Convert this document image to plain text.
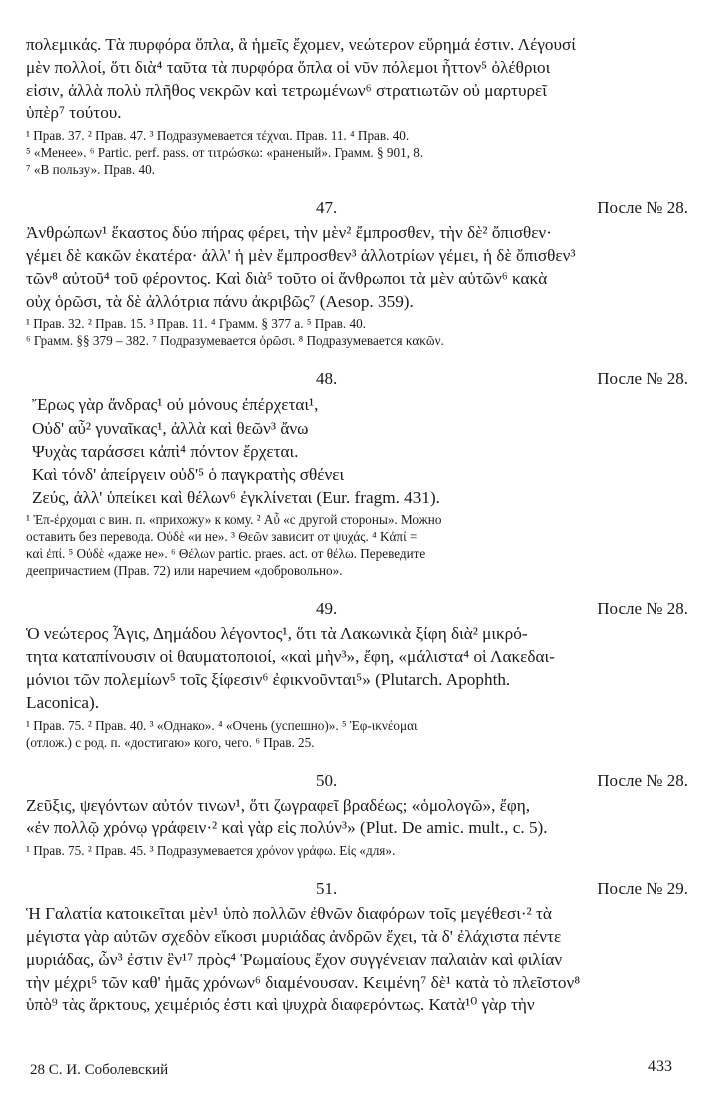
πολεμικάς. Τὰ πυρφόρα ὅπλα, ἃ ἡμεῖς ἔχομεν, νεώτερον εὕρημά ἐστιν. Λέγουσί
μὲν πολλοί, ὅτι διὰ⁴ ταῦτα τὰ πυρφόρα ὅπλα οἱ νῦν πόλεμοι ἧττον⁵ ὀλέθριοι
εἰσιν, ἀλλὰ πολὺ πλῆθος νεκρῶν καὶ τετρωμένων⁶ στρατιωτῶν οὐ μαρτυρεῖ
ὑπὲρ⁷ τούτου.

¹ Прав. 37. ² Прав. 47. ³ Подразумевается τέχναι. Прав. 11. ⁴ Прав. 40.
⁵ «Менее». ⁶ Partic. perf. pass. от τιτρώσκω: «раненый». Грамм. § 901, 8.
⁷ «В пользу». Прав. 40.
47.	После № 28.

Ἀνθρώπων¹ ἕκαστος δύο πήρας φέρει, τὴν μὲν² ἔμπροσθεν, τὴν δὲ² ὄπισθεν·
γέμει δὲ κακῶν ἑκατέρα· ἀλλ' ἡ μὲν ἔμπροσθεν³ ἀλλοτρίων γέμει, ἡ δὲ ὄπισθεν³
τῶν⁸ αὐτοῦ⁴ τοῦ φέροντος. Καὶ διὰ⁵ τοῦτο οἱ ἄνθρωποι τὰ μὲν αὑτῶν⁶ κακὰ
οὐχ ὁρῶσι, τὰ δὲ ἀλλότρια πάνυ ἀκριβῶς⁷ (Aesop. 359).

¹ Прав. 32. ² Прав. 15. ³ Прав. 11. ⁴ Грамм. § 377 a. ⁵ Прав. 40.
⁶ Грамм. §§ 379 – 382. ⁷ Подразумевается ὁρῶσι. ⁸ Подразумевается κακῶν.
48.	После № 28.
Ἔρως γὰρ ἄνδρας¹ οὐ μόνους ἐπέρχεται¹,
Οὐδ' αὖ² γυναῖκας¹, ἀλλὰ καὶ θεῶν³ ἄνω
Ψυχὰς ταράσσει κἀπὶ⁴ πόντον ἔρχεται.
Καὶ τόνδ' ἀπείργειν οὐδ'⁵ ὁ παγκρατὴς σθένει
Ζεύς, ἀλλ' ὑπείκει καὶ θέλων⁶ ἐγκλίνεται (Eur. fragm. 431).
¹ Ἐπ-έρχομαι с вин. п. «прихожу» к кому. ² Αὖ «с другой стороны». Можно
оставить без перевода. Οὐδὲ «и не». ³ Θεῶν зависит от ψυχάς. ⁴ Κἀπί =
καὶ ἐπί. ⁵ Οὐδὲ «даже не». ⁶ Θέλων partic. praes. act. от θέλω. Переведите
деепричастием (Прав. 72) или наречием «добровольно».
49.	После № 28.

Ὁ νεώτερος Ἆγις, Δημάδου λέγοντος¹, ὅτι τὰ Λακωνικὰ ξίφη διὰ² μικρό-
τητα καταπίνουσιν οἱ θαυματοποιοί, «καὶ μὴν³», ἔφη, «μάλιστα⁴ οἱ Λακεδαι-
μόνιοι τῶν πολεμίων⁵ τοῖς ξίφεσιν⁶ ἐφικνοῦνται⁵» (Plutarch. Apophth.
Laconica).

¹ Прав. 75. ² Прав. 40. ³ «Однако». ⁴ «Очень (успешно)». ⁵ Ἐφ-ικνέομαι
(отлож.) с род. п. «достигаю» кого, чего. ⁶ Прав. 25.
50.	После № 28.

Ζεῦξις, ψεγόντων αὐτόν τινων¹, ὅτι ζωγραφεῖ βραδέως; «ὁμολογῶ», ἔφη,
«ἐν πολλῷ χρόνῳ γράφειν·² καὶ γὰρ εἰς πολύν³» (Plut. De amic. mult., c. 5).

¹ Прав. 75. ² Прав. 45. ³ Подразумевается χρόνον γράφω. Εἰς «для».
51.	После № 29.

Ἡ Γαλατία κατοικεῖται μὲν¹ ὑπὸ πολλῶν ἐθνῶν διαφόρων τοῖς μεγέθεσι·² τὰ
μέγιστα γὰρ αὐτῶν σχεδὸν εἴκοσι μυριάδας ἀνδρῶν ἔχει, τὰ δ' ἐλάχιστα πέντε
μυριάδας, ὧν³ ἐστιν ἓν¹⁷ πρὸς⁴ Ῥωμαίους ἔχον συγγένειαν παλαιὰν καὶ φιλίαν
τὴν μέχρι⁵ τῶν καθ' ἡμᾶς χρόνων⁶ διαμένουσαν. Κειμένη⁷ δὲ¹ κατὰ τὸ πλεῖστον⁸
ὑπὸ⁹ τὰς ἄρκτους, χειμέριός ἐστι καὶ ψυχρὰ διαφερόντως. Κατὰ¹⁰ γὰρ τὴν

28 С. И. Соболевский	433
